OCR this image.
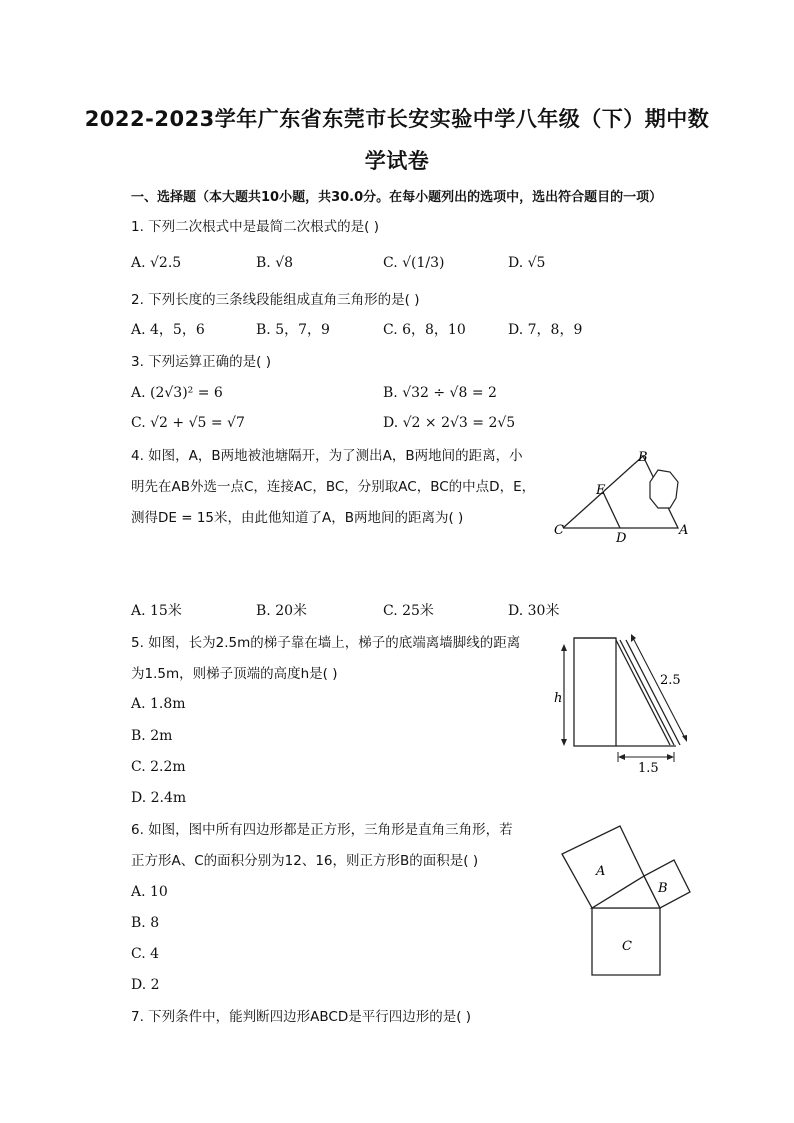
2022-2023学年广东省东莞市长安实验中学八年级（下）期中数
学试卷
一、选择题（本大题共10小题，共30.0分。在每小题列出的选项中，选出符合题目的一项）
1. 下列二次根式中是最简二次根式的是( )
A. √2.5	B. √8	C. √(1/3)	D. √5
2. 下列长度的三条线段能组成直角三角形的是( )
A. 4，5，6	B. 5，7，9	C. 6，8，10	D. 7，8，9
3. 下列运算正确的是( )
A. (2√3)² = 6	B. √32 ÷ √8 = 2
C. √2 + √5 = √7	D. √2 × 2√3 = 2√5
4. 如图，A，B两地被池塘隔开，为了测出A，B两地间的距离，小
明先在AB外选一点C，连接AC，BC，分别取AC，BC的中点D，E，
测得DE = 15米，由此他知道了A，B两地间的距离为( )
B
E
C
D
A
A. 15米	B. 20米	C. 25米	D. 30米
5. 如图，长为2.5m的梯子靠在墙上，梯子的底端离墙脚线的距离
为1.5m，则梯子顶端的高度h是( )
h
2.5
1.5
A. 1.8m
B. 2m
C. 2.2m
D. 2.4m
6. 如图，图中所有四边形都是正方形，三角形是直角三角形，若
正方形A、C的面积分别为12、16，则正方形B的面积是( )
A
B
C
A. 10
B. 8
C. 4
D. 2
7. 下列条件中，能判断四边形ABCD是平行四边形的是( )
